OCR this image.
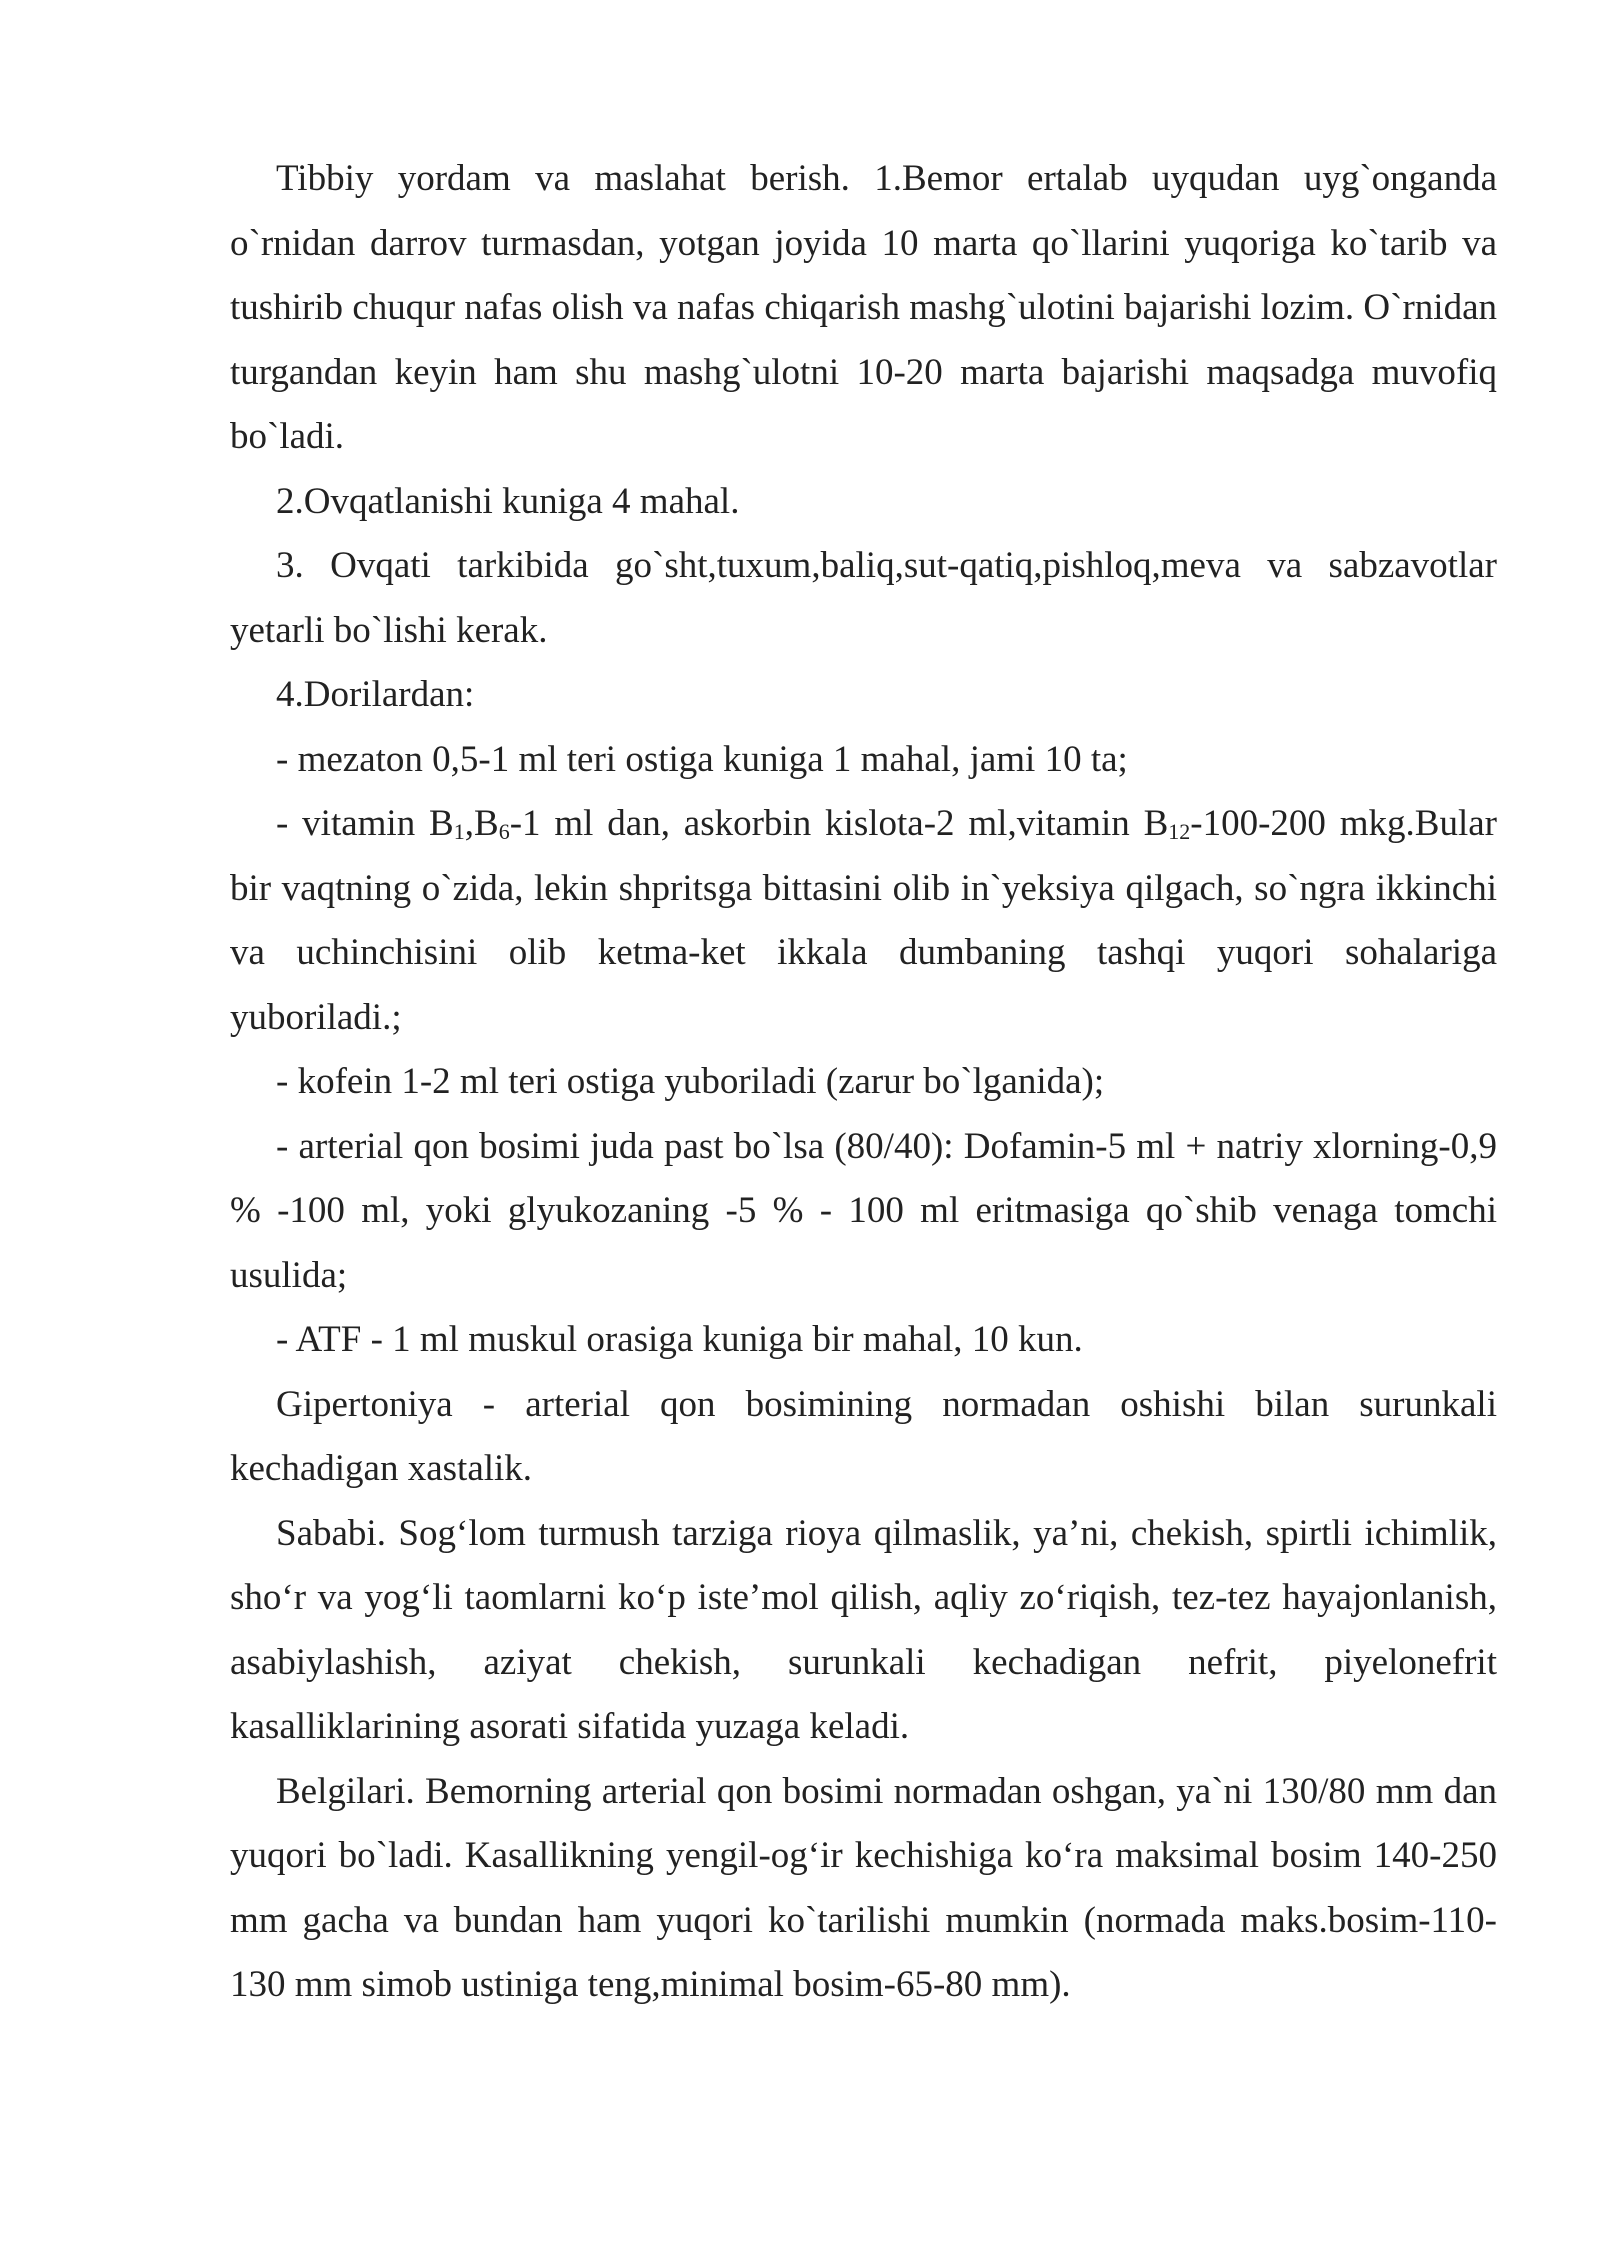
Tibbiy yordam va maslahat berish. 1.Bemor ertalab uyqudan uyg`onganda o`rnidan darrov turmasdan, yotgan joyida 10 marta qo`llarini yuqoriga ko`tarib va tushirib chuqur nafas olish va nafas chiqarish mashg`ulotini bajarishi lozim. O`rnidan turgandan keyin ham shu mashg`ulotni 10-20 marta bajarishi maqsadga muvofiq bo`ladi.

2.Ovqatlanishi kuniga 4 mahal.

3. Ovqati tarkibida go`sht,tuxum,baliq,sut-qatiq,pishloq,meva va sabzavotlar yetarli bo`lishi kerak.

4.Dorilardan:

- mezaton 0,5-1 ml teri ostiga kuniga 1 mahal, jami 10 ta;

- vitamin $B_1,B_6-1$ ml dan, askorbin kislota-2 ml,vitamin $B_{12}-100-200$ mkg.Bular bir vaqtning o`zida, lekin shpritsga bittasini olib in`yeksiya qilgach, so`ngra ikkinchi va uchinchisini olib ketma-ket ikkala dumbaning tashqi yuqori sohalariga yuboriladi.;

- kofein 1-2 ml teri ostiga yuboriladi (zarur bo`lganida);

- arterial qon bosimi juda past bo`lsa (80/40): Dofamin-5 ml + natriy xlorning-0,9 % -100 ml, yoki glyukozaning -5 % - 100 ml eritmasiga qo`shib venaga tomchi usulida;

- ATF - 1 ml muskul orasiga kuniga bir mahal, 10 kun.

Gipertoniya - arterial qon bosimining normadan oshishi bilan surunkali kechadigan xastalik.

Sababi. Sog‘lom turmush tarziga rioya qilmaslik, ya’ni, chekish, spirtli ichimlik, sho‘r va yog‘li taomlarni ko‘p iste’mol qilish, aqliy zo‘riqish, tez-tez hayajonlanish, asabiylashish, aziyat chekish, surunkali kechadigan nefrit, piyelonefrit kasalliklarining asorati sifatida yuzaga keladi.

Belgilari. Bemorning arterial qon bosimi normadan oshgan, ya`ni 130/80 mm dan yuqori bo`ladi. Kasallikning yengil-og‘ir kechishiga ko‘ra maksimal bosim 140-250 mm gacha va bundan ham yuqori ko`tarilishi mumkin (normada maks.bosim-110-130 mm simob ustiniga teng,minimal bosim-65-80 mm).
